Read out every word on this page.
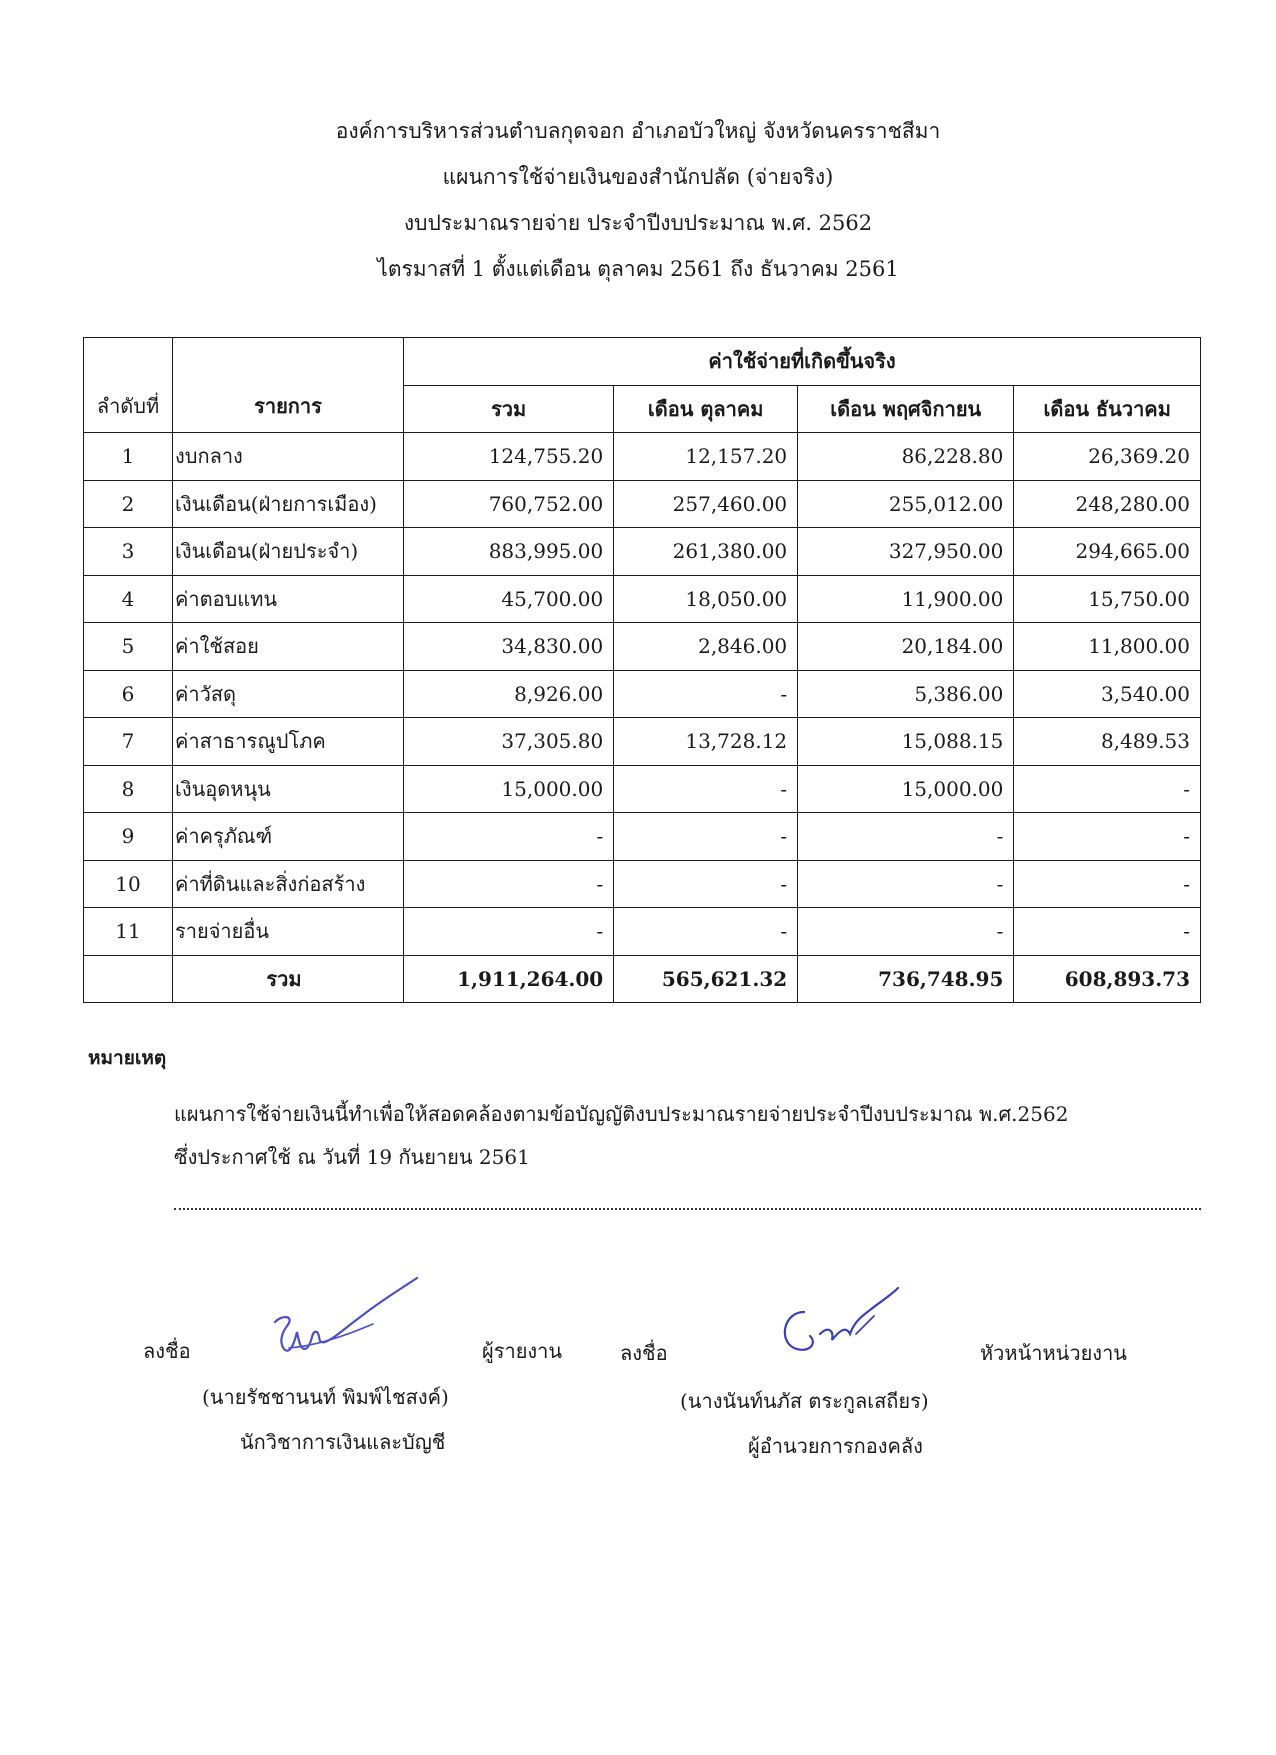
องค์การบริหารส่วนตำบลกุดจอก อำเภอบัวใหญ่ จังหวัดนครราชสีมา
แผนการใช้จ่ายเงินของสำนักปลัด (จ่ายจริง)
งบประมาณรายจ่าย ประจำปีงบประมาณ พ.ศ. 2562
ไตรมาสที่ 1 ตั้งแต่เดือน ตุลาคม 2561 ถึง ธันวาคม 2561
ลำดับที่	รายการ	ค่าใช้จ่ายที่เกิดขึ้นจริง			
		รวม	เดือน ตุลาคม	เดือน พฤศจิกายน	เดือน ธันวาคม
1	งบกลาง	124,755.20	12,157.20	86,228.80	26,369.20
2	เงินเดือน(ฝ่ายการเมือง)	760,752.00	257,460.00	255,012.00	248,280.00
3	เงินเดือน(ฝ่ายประจำ)	883,995.00	261,380.00	327,950.00	294,665.00
4	ค่าตอบแทน	45,700.00	18,050.00	11,900.00	15,750.00
5	ค่าใช้สอย	34,830.00	2,846.00	20,184.00	11,800.00
6	ค่าวัสดุ	8,926.00	-	5,386.00	3,540.00
7	ค่าสาธารณูปโภค	37,305.80	13,728.12	15,088.15	8,489.53
8	เงินอุดหนุน	15,000.00	-	15,000.00	-
9	ค่าครุภัณฑ์	-	-	-	-
10	ค่าที่ดินและสิ่งก่อสร้าง	-	-	-	-
11	รายจ่ายอื่น	-	-	-	-
	รวม	1,911,264.00	565,621.32	736,748.95	608,893.73
หมายเหตุ
แผนการใช้จ่ายเงินนี้ทำเพื่อให้สอดคล้องตามข้อบัญญัติงบประมาณรายจ่ายประจำปีงบประมาณ พ.ศ.2562
ซึ่งประกาศใช้ ณ วันที่ 19 กันยายน 2561
ลงชื่อ	ผู้รายงาน
(นายรัชชานนท์ พิมพ์ไชสงค์)
นักวิชาการเงินและบัญชี
ลงชื่อ	หัวหน้าหน่วยงาน
(นางนันท์นภัส ตระกูลเสถียร)
ผู้อำนวยการกองคลัง
